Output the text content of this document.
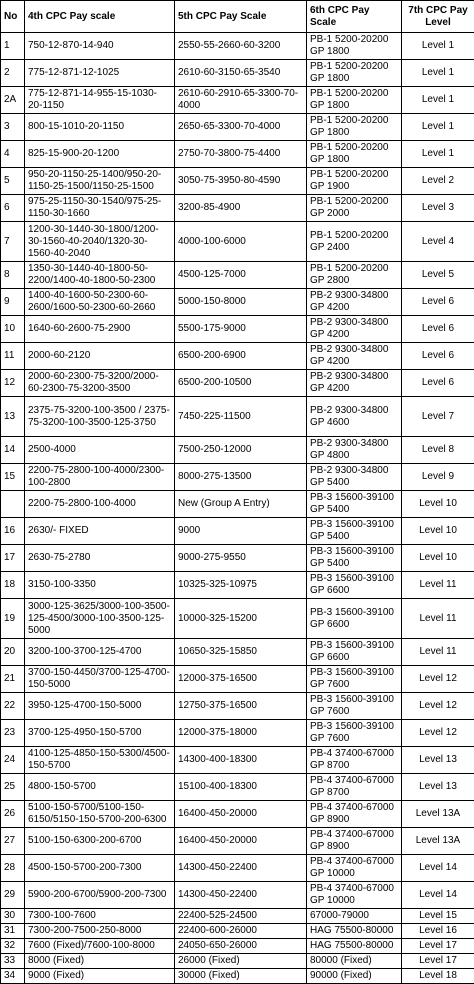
No	4th CPC Pay scale	5th CPC Pay Scale	6th CPC Pay Scale	7th CPC Pay Level
1	750-12-870-14-940	2550-55-2660-60-3200	PB-1 5200-20200 GP 1800	Level 1
2	775-12-871-12-1025	2610-60-3150-65-3540	PB-1 5200-20200 GP 1800	Level 1
2A	775-12-871-14-955-15-1030-20-1150	2610-60-2910-65-3300-70-4000	PB-1 5200-20200 GP 1800	Level 1
3	800-15-1010-20-1150	2650-65-3300-70-4000	PB-1 5200-20200 GP 1800	Level 1
4	825-15-900-20-1200	2750-70-3800-75-4400	PB-1 5200-20200 GP 1800	Level 1
5	950-20-1150-25-1400/950-20-1150-25-1500/1150-25-1500	3050-75-3950-80-4590	PB-1 5200-20200 GP 1900	Level 2
6	975-25-1150-30-1540/975-25-1150-30-1660	3200-85-4900	PB-1 5200-20200 GP 2000	Level 3
7	1200-30-1440-30-1800/1200-30-1560-40-2040/1320-30-1560-40-2040	4000-100-6000	PB-1 5200-20200 GP 2400	Level 4
8	1350-30-1440-40-1800-50-2200/1400-40-1800-50-2300	4500-125-7000	PB-1 5200-20200 GP 2800	Level 5
9	1400-40-1600-50-2300-60-2600/1600-50-2300-60-2660	5000-150-8000	PB-2 9300-34800 GP 4200	Level 6
10	1640-60-2600-75-2900	5500-175-9000	PB-2 9300-34800 GP 4200	Level 6
11	2000-60-2120	6500-200-6900	PB-2 9300-34800 GP 4200	Level 6
12	2000-60-2300-75-3200/2000-60-2300-75-3200-3500	6500-200-10500	PB-2 9300-34800 GP 4200	Level 6
13	2375-75-3200-100-3500 / 2375-75-3200-100-3500-125-3750	7450-225-11500	PB-2 9300-34800 GP 4600	Level 7
14	2500-4000	7500-250-12000	PB-2 9300-34800 GP 4800	Level 8
15	2200-75-2800-100-4000/2300-100-2800	8000-275-13500	PB-2 9300-34800 GP 5400	Level 9
	2200-75-2800-100-4000	New (Group A Entry)	PB-3 15600-39100 GP 5400	Level 10
16	2630/- FIXED	9000	PB-3 15600-39100 GP 5400	Level 10
17	2630-75-2780	9000-275-9550	PB-3 15600-39100 GP 5400	Level 10
18	3150-100-3350	10325-325-10975	PB-3 15600-39100 GP 6600	Level 11
19	3000-125-3625/3000-100-3500-125-4500/3000-100-3500-125-5000	10000-325-15200	PB-3 15600-39100 GP 6600	Level 11
20	3200-100-3700-125-4700	10650-325-15850	PB-3 15600-39100 GP 6600	Level 11
21	3700-150-4450/3700-125-4700-150-5000	12000-375-16500	PB-3 15600-39100 GP 7600	Level 12
22	3950-125-4700-150-5000	12750-375-16500	PB-3 15600-39100 GP 7600	Level 12
23	3700-125-4950-150-5700	12000-375-18000	PB-3 15600-39100 GP 7600	Level 12
24	4100-125-4850-150-5300/4500-150-5700	14300-400-18300	PB-4 37400-67000 GP 8700	Level 13
25	4800-150-5700	15100-400-18300	PB-4 37400-67000 GP 8700	Level 13
26	5100-150-5700/5100-150-6150/5150-150-5700-200-6300	16400-450-20000	PB-4 37400-67000 GP 8900	Level 13A
27	5100-150-6300-200-6700	16400-450-20000	PB-4 37400-67000 GP 8900	Level 13A
28	4500-150-5700-200-7300	14300-450-22400	PB-4 37400-67000 GP 10000	Level 14
29	5900-200-6700/5900-200-7300	14300-450-22400	PB-4 37400-67000 GP 10000	Level 14
30	7300-100-7600	22400-525-24500	67000-79000	Level 15
31	7300-200-7500-250-8000	22400-600-26000	HAG 75500-80000	Level 16
32	7600 (Fixed)/7600-100-8000	24050-650-26000	HAG 75500-80000	Level 17
33	8000 (Fixed)	26000 (Fixed)	80000 (Fixed)	Level 17
34	9000 (Fixed)	30000 (Fixed)	90000 (Fixed)	Level 18
